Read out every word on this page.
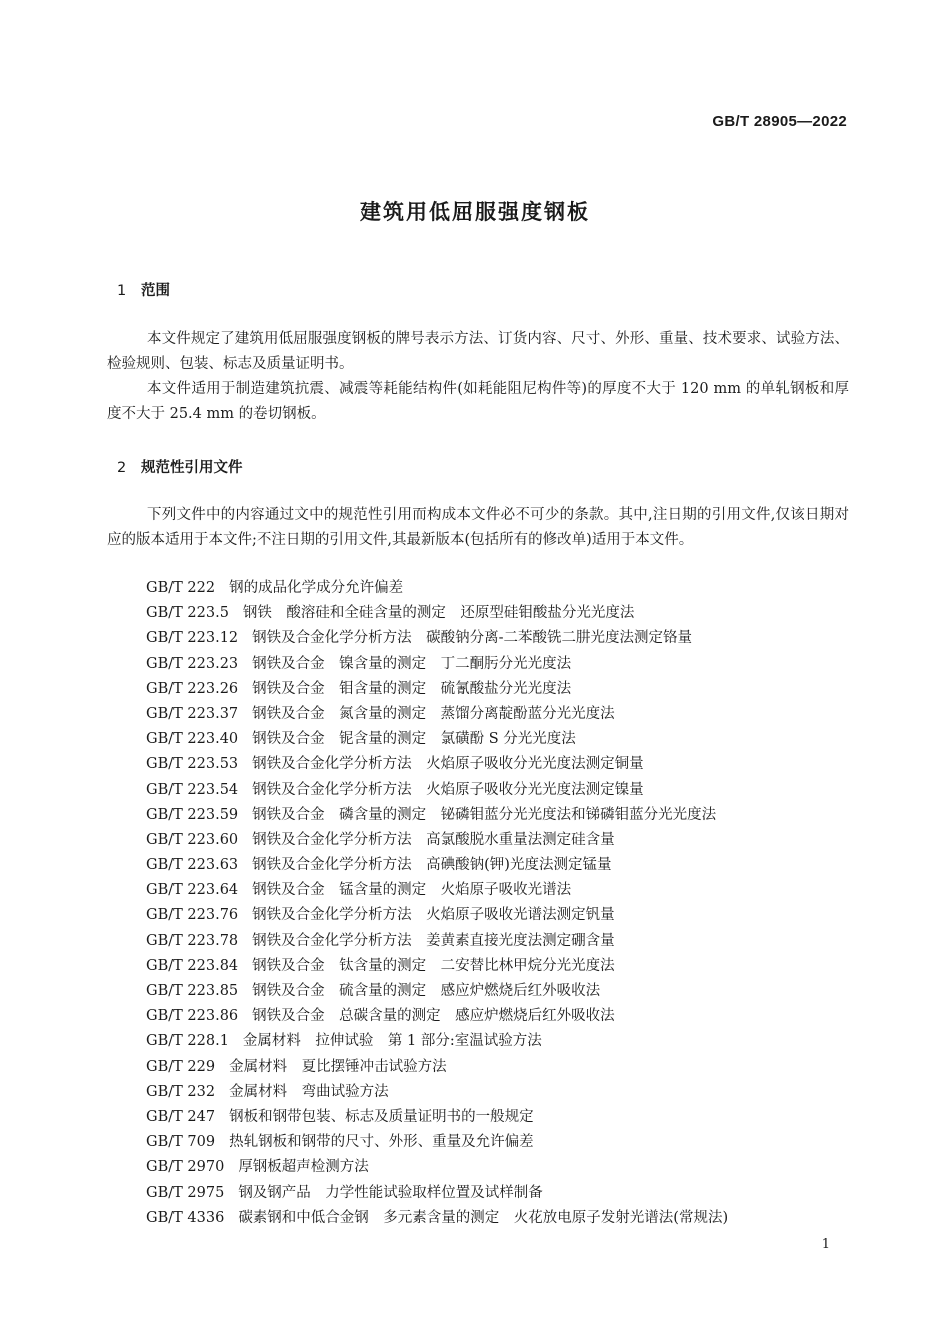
GB/T 28905—2022
建筑用低屈服强度钢板
1 范围
本文件规定了建筑用低屈服强度钢板的牌号表示方法、订货内容、尺寸、外形、重量、技术要求、试验方法、检验规则、包装、标志及质量证明书。
本文件适用于制造建筑抗震、减震等耗能结构件(如耗能阻尼构件等)的厚度不大于 120 mm 的单轧钢板和厚度不大于 25.4 mm 的卷切钢板。
2 规范性引用文件
下列文件中的内容通过文中的规范性引用而构成本文件必不可少的条款。其中,注日期的引用文件,仅该日期对应的版本适用于本文件;不注日期的引用文件,其最新版本(包括所有的修改单)适用于本文件。
GB/T 222 钢的成品化学成分允许偏差
GB/T 223.5 钢铁　酸溶硅和全硅含量的测定　还原型硅钼酸盐分光光度法
GB/T 223.12 钢铁及合金化学分析方法　碳酸钠分离-二苯酸铣二肼光度法测定铬量
GB/T 223.23 钢铁及合金　镍含量的测定　丁二酮肟分光光度法
GB/T 223.26 钢铁及合金　钼含量的测定　硫氰酸盐分光光度法
GB/T 223.37 钢铁及合金　氮含量的测定　蒸馏分离靛酚蓝分光光度法
GB/T 223.40 钢铁及合金　铌含量的测定　氯磺酚 S 分光光度法
GB/T 223.53 钢铁及合金化学分析方法　火焰原子吸收分光光度法测定铜量
GB/T 223.54 钢铁及合金化学分析方法　火焰原子吸收分光光度法测定镍量
GB/T 223.59 钢铁及合金　磷含量的测定　铋磷钼蓝分光光度法和锑磷钼蓝分光光度法
GB/T 223.60 钢铁及合金化学分析方法　高氯酸脱水重量法测定硅含量
GB/T 223.63 钢铁及合金化学分析方法　高碘酸钠(钾)光度法测定锰量
GB/T 223.64 钢铁及合金　锰含量的测定　火焰原子吸收光谱法
GB/T 223.76 钢铁及合金化学分析方法　火焰原子吸收光谱法测定钒量
GB/T 223.78 钢铁及合金化学分析方法　姜黄素直接光度法测定硼含量
GB/T 223.84 钢铁及合金　钛含量的测定　二安替比林甲烷分光光度法
GB/T 223.85 钢铁及合金　硫含量的测定　感应炉燃烧后红外吸收法
GB/T 223.86 钢铁及合金　总碳含量的测定　感应炉燃烧后红外吸收法
GB/T 228.1 金属材料　拉伸试验　第 1 部分:室温试验方法
GB/T 229 金属材料　夏比摆锤冲击试验方法
GB/T 232 金属材料　弯曲试验方法
GB/T 247 钢板和钢带包装、标志及质量证明书的一般规定
GB/T 709 热轧钢板和钢带的尺寸、外形、重量及允许偏差
GB/T 2970 厚钢板超声检测方法
GB/T 2975 钢及钢产品　力学性能试验取样位置及试样制备
GB/T 4336 碳素钢和中低合金钢　多元素含量的测定　火花放电原子发射光谱法(常规法)
1
